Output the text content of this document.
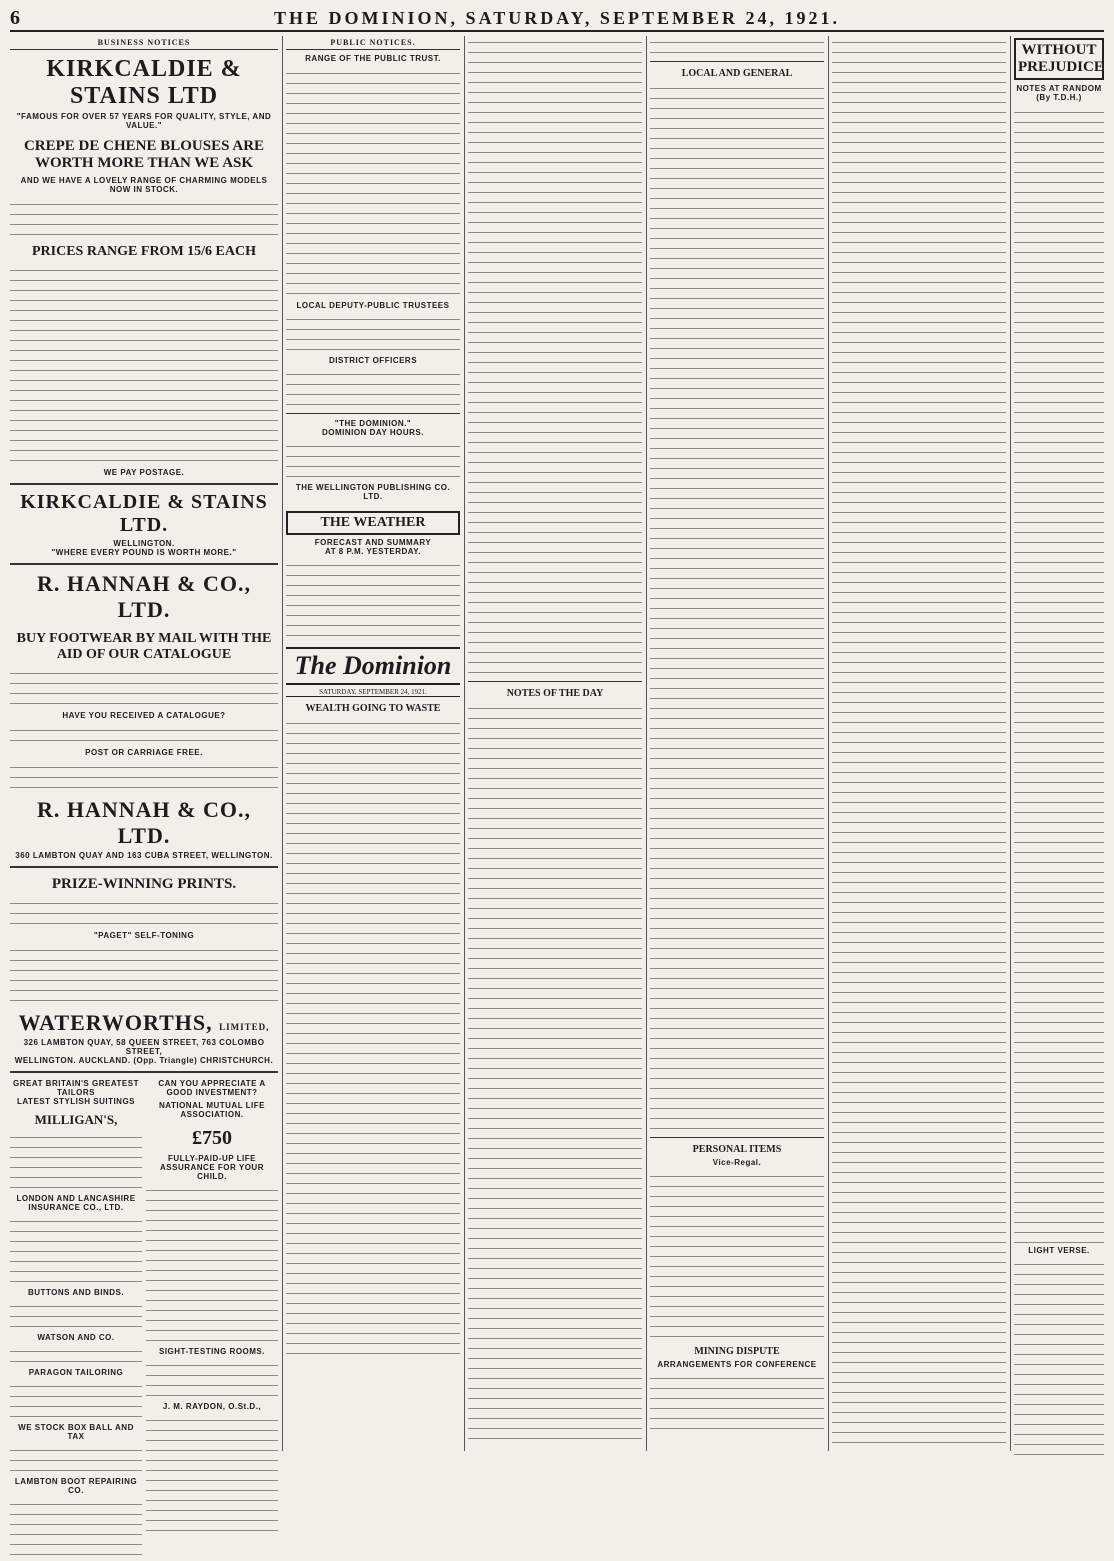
6	THE DOMINION, SATURDAY, SEPTEMBER 24, 1921.
BUSINESS NOTICES
KIRKCALDIE & STAINS LTD
"FAMOUS FOR OVER 57 YEARS FOR QUALITY, STYLE, AND VALUE."
CREPE DE CHENE BLOUSES ARE WORTH MORE THAN WE ASK
AND WE HAVE A LOVELY RANGE OF CHARMING MODELS NOW IN STOCK.
PRICES RANGE FROM 15/6 EACH
WE PAY POSTAGE.
KIRKCALDIE & STAINS LTD.
WELLINGTON.
"WHERE EVERY POUND IS WORTH MORE."
R. HANNAH & CO., LTD.
BUY FOOTWEAR BY MAIL WITH THE AID OF OUR CATALOGUE
HAVE YOU RECEIVED A CATALOGUE?
POST OR CARRIAGE FREE.
R. HANNAH & CO., LTD.
360 LAMBTON QUAY AND 163 CUBA STREET, WELLINGTON.
PRIZE-WINNING PRINTS.
"PAGET" SELF-TONING
WATERWORTHS, LIMITED,
326 LAMBTON QUAY, 58 QUEEN STREET, 763 COLOMBO STREET,
WELLINGTON. AUCKLAND. (Opp. Triangle) CHRISTCHURCH.
GREAT BRITAIN'S GREATEST TAILORS
LATEST STYLISH SUITINGS
MILLIGAN'S,
LONDON AND LANCASHIRE INSURANCE CO., LTD.
BUTTONS AND BINDS.
WATSON AND CO.
PARAGON TAILORING
WE STOCK BOX BALL AND TAX
LAMBTON BOOT REPAIRING CO.
CAN YOU APPRECIATE A GOOD INVESTMENT?
NATIONAL MUTUAL LIFE ASSOCIATION.
£750
FULLY-PAID-UP LIFE ASSURANCE FOR YOUR CHILD.
SIGHT-TESTING ROOMS.
J. M. RAYDON, O.St.D.,
PUBLIC NOTICES.
RANGE OF THE PUBLIC TRUST.
LOCAL DEPUTY-PUBLIC TRUSTEES
DISTRICT OFFICERS
"THE DOMINION."
DOMINION DAY HOURS.
THE WELLINGTON PUBLISHING CO. LTD.
THE WEATHER
FORECAST AND SUMMARY
AT 8 P.M. YESTERDAY.
The Dominion
SATURDAY, SEPTEMBER 24, 1921.
WEALTH GOING TO WASTE
NOTES OF THE DAY
LOCAL AND GENERAL
PERSONAL ITEMS
Vice-Regal.
MINING DISPUTE
ARRANGEMENTS FOR CONFERENCE
WITHOUT PREJUDICE
NOTES AT RANDOM
(By T.D.H.)
LIGHT VERSE.
